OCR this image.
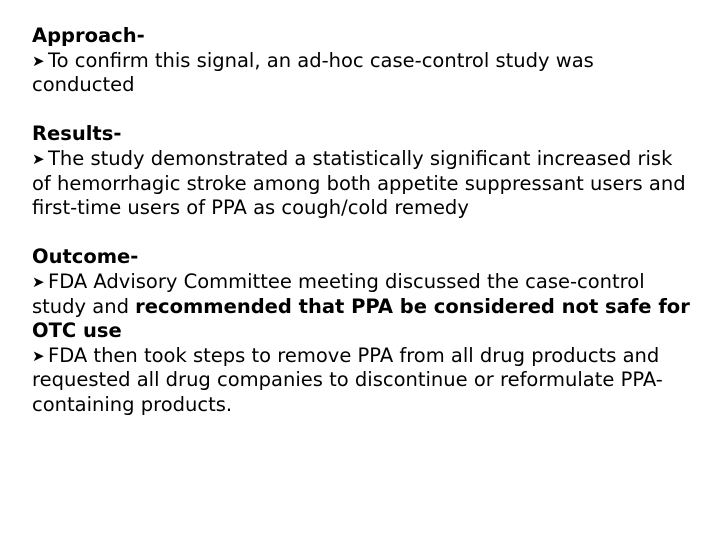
Approach-

➤ To confirm this signal, an ad-hoc case-control study was conducted

Results-

➤ The study demonstrated a statistically significant increased risk of hemorrhagic stroke among both appetite suppressant users and first-time users of PPA as cough/cold remedy

Outcome-

➤ FDA Advisory Committee meeting discussed the case-control study and recommended that PPA be considered not safe for OTC use

➤ FDA then took steps to remove PPA from all drug products and requested all drug companies to discontinue or reformulate PPA-containing products.
